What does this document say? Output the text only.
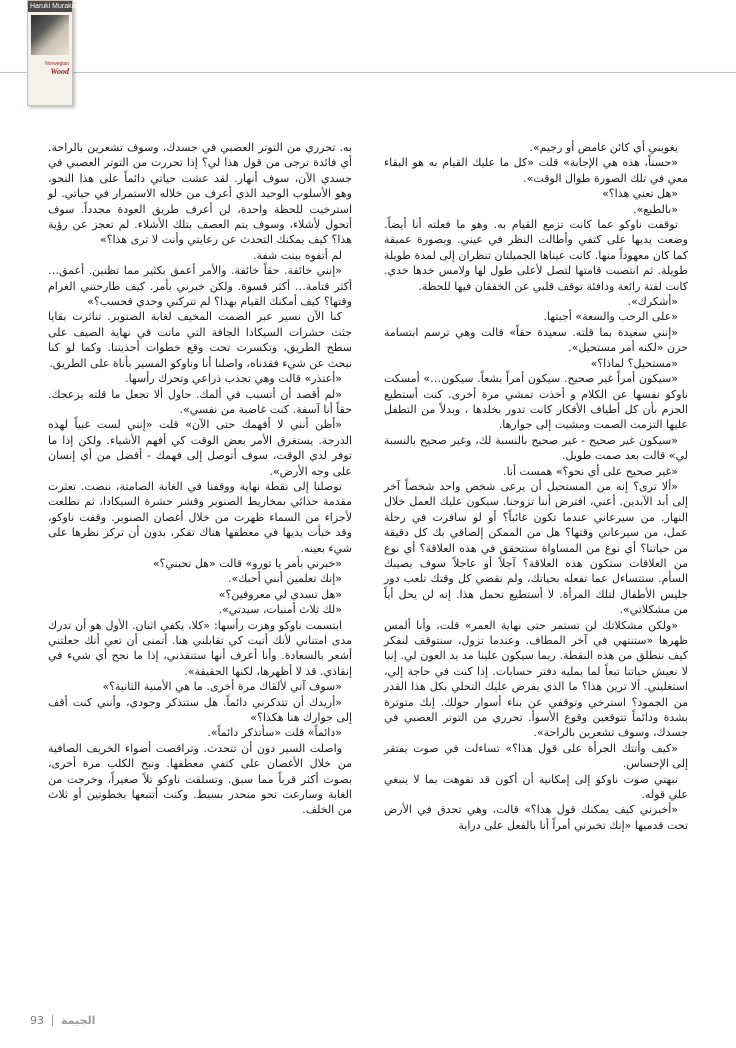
Haruki Murakami
Norwegian
Wood

يغويني أي كائن غامض أو رجيم».

«حسناً، هذه هي الإجابة» قلت «كل ما عليك القيام به هو البقاء معي في تلك الصورة طوال الوقت».

«هل تعني هذا؟»

«بالطبع».

توقفت ناوكو عما كانت تزمع القيام به. وهو ما فعلته أنا أيضاً. وضعت يديها على كتفي وأطالت النظر في عيني. وبصورة عميقة كما كان معهوداً منها. كانت عيناها الجميلتان تنظران إلى لمدة طويلة طويلة. ثم انتصبت قامتها لتصل لأعلى طول لها ولامس خدها خدي. كانت لفتة رائعة ودافئة توقف قلبي عن الخفقان فيها للحظة.

«أشكرك».

«على الرحب والسعة» أجبتها.

«إنني سعيدة بما قلته. سعيدة حقاً» قالت وهي ترسم ابتسامة حزن «لكنه أمر مستحيل».

«مستحيل؟ لماذا؟»

«سيكون أمراً غير صحيح. سيكون أمراً بشعاً. سيكون…» أمسكت ناوكو نفسها عن الكلام و أخذت تمشي مرة أخرى. كنت أستطيع الجزم بأن كل أطياف الأفكار كانت تدور بخلدها ، وبدلاً من التطفل عليها التزمت الصمت ومشيت إلى جوارها.

«سيكون غير صحيح - غير صحيح بالنسبة لك، وغير صحيح بالنسبة لي» قالت بعد صمت طويل.

«غير صحيح على أي نحو؟» همست أنا.

«ألا ترى؟ إنه من المستحيل أن يرعى شخص واحد شخصاً آخر إلى أبد الآبدين. أعني، افترض أننا تزوجنا. سيكون عليك العمل خلال النهار. من سيرعاني عندما تكون غائباً؟ أو لو سافرت في رحلة عمل، من سيرعاني وقتها؟ هل من الممكن إلصاقي بك كل دقيقة من حياتنا؟ أي نوع من المساواة ستتحقق في هذه العلاقة؟ أي نوع من العلاقات ستكون هذه العلاقة؟ آجلاً أو عاجلاً سوف يصيبك السأم. ستتساءل عما تفعله بحياتك، ولم تقضي كل وقتك تلعب دور جليس الأطفال لتلك المرأة. لا أستطيع تحمل هذا. إنه لن يحل أياً من مشكلاتي».

«ولكن مشكلاتك لن تستمر حتى نهاية العمر» قلت، وأنا ألمس ظهرها «ستنتهي في آخر المطاف. وعندما تزول، سنتوقف لنفكر كيف ننطلق من هذه النقطة. ربما سيكون علينا مد يد العون لي. إننا لا نعيش حياتنا تبعاً لما يمليه دفتر حسابات. إذا كنت في حاجة إلي، استغليني. ألا ترين هذا؟ ما الذي يفرض عليك التحلي بكل هذا القدر من الجمود؟ استرخي وتوقفي عن بناء أسوار حولك. إنك متوترة بشدة ودائماً تتوقعين وقوع الأسوأ. تحرري من التوتر العصبي في جسدك، وسوف تشعرين بالراحة».

«كيف وأتتك الجرأة على قول هذا؟» تساءلت في صوت يفتقر إلى الإحساس.

نبهني صوت ناوكو إلى إمكانية أن أكون قد تفوهت بما لا ينبغي علي قوله.

«أخبرني كيف يمكنك قول هذا؟» قالت، وهي تحدق في الأرض تحت قدميها «إنك تخبرني أمراً أنا بالفعل على دراية

به. تحرري من التوتر العصبي في جسدك، وسوف تشعرين بالراحة. أي فائدة ترجى من قول هذا لي؟ إذا تحررت من التوتر العصبي في جسدي الآن، سوف أنهار. لقد عشت حياتي دائماً على هذا النحو، وهو الأسلوب الوحيد الذي أعرف من خلاله الاستمرار في حياتي. لو استرخيت للحظة واحدة، لن أعرف طريق العودة مجدداً. سوف أتحول لأشلاء، وسوف يتم العصف بتلك الأشلاء. لم تعجز عن رؤية هذا؟ كيف يمكنك التحدث عن رعايتي وأنت لا ترى هذا؟»

لم أتفوه ببنت شفة.

«إنني خائفة. حقاً خائفة. والأمر أعمق بكثير مما تظنين. أعمق… أكثر قتامة… أكثر قسوة. ولكن خبرني بأمر. كيف طارحتني الغرام وقتها؟ كيف أمكنك القيام بهذا؟ لم تتركني وحدي فحسب؟»

كنا الآن نسير عبر الصمت المخيف لغابة الصنوبر. تناثرت بقايا جثث حشرات السيكادا الجافة التي ماتت في نهاية الصيف على سطح الطريق، وتكسرت تحت وقع خطوات أحذيتنا. وكما لو كنا نبحث عن شيء فقدناه، واصلنا أنا وناوكو المسير بأناة على الطريق.

«أعتذر» قالت وهي تجذب ذراعي وتحرك رأسها.

«لم أقصد أن أتسبب في ألمك. حاول ألا تجعل ما قلته يزعجك. حقاً أنا آسفة. كنت غاضبة من نفسي».

«أظن أنني لا أفهمك حتى الآن» قلت «إنني لست غبياً لهذه الدرجة. يستغرق الأمر بعض الوقت كي أفهم الأشياء. ولكن إذا ما توفر لدي الوقت، سوف أتوصل إلى فهمك - أفضل من أي إنسان على وجه الأرض».

توصلنا إلى نقطة نهاية ووقفنا في الغابة الصامتة، ننصت. تعثرت مقدمة حذائي بمخاريط الصنوبر وقشر حشرة السيكادا، ثم تطلعت لأجزاء من السماء ظهرت من خلال أغصان الصنوبر. وقفت ناوكو، وقد خبأت يديها في معطفها هناك تفكر، بدون أن تركز نظرها على شيء بعينه.

«خبرني بأمر يا تورو» قالت «هل تحبني؟»

«إنك تعلمين أنني أحبك».

«هل تسدي لي معروفين؟»

«لك ثلاث أمنيات، سيدتي».

ابتسمت ناوكو وهزت رأسها: «كلا، يكفي اثنان. الأول هو أن تدرك مدى امتناني لأنك أتيت كي تقابلني هنا. أتمنى أن تعي أنك جعلتني أشعر بالسعادة. وأنا أعرف أنها ستنقذني، إذا ما نجح أي شيء في إنقاذي. قد لا أظهرها، لكنها الحقيقة».

«سوف آتي لألقاك مرة أخرى. ما هي الأمنية الثانية؟»

«أريدك أن تتذكرني دائماً. هل ستتذكر وجودي، وأنني كنت أقف إلى جوارك هنا هكذا؟»

«دائماً» قلت «سأتذكر دائماً».

واصلت السير دون أن تتحدث. وتراقصت أضواء الخريف الصافية من خلال الأغصان على كتفي معطفها. ونبح الكلب مرة أخرى، بصوت أكثر قرباً مما سبق. وتسلقت ناوكو تلاً صغيراً، وخرجت من الغابة وسارعت نحو منحدر بسيط. وكنت أتتبعها بخطوتين أو ثلاث من الخلف.

93 الجيمة
